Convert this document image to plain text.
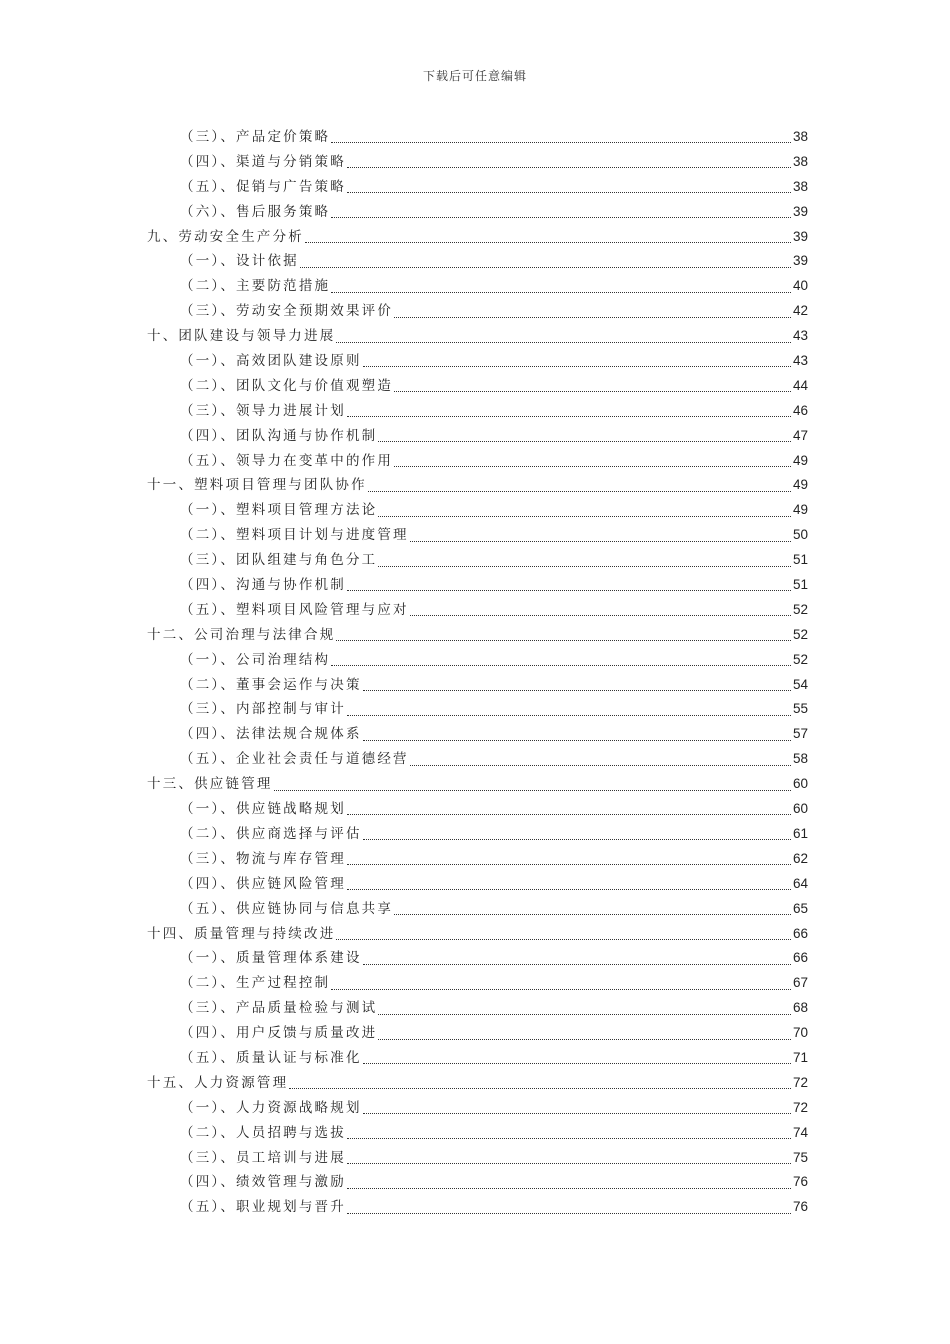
下载后可任意编辑
（三）、产品定价策略	38
（四）、渠道与分销策略	38
（五）、促销与广告策略	38
（六）、售后服务策略	39
九、劳动安全生产分析	39
（一）、设计依据	39
（二）、主要防范措施	40
（三）、劳动安全预期效果评价	42
十、团队建设与领导力进展	43
（一）、高效团队建设原则	43
（二）、团队文化与价值观塑造	44
（三）、领导力进展计划	46
（四）、团队沟通与协作机制	47
（五）、领导力在变革中的作用	49
十一、塑料项目管理与团队协作	49
（一）、塑料项目管理方法论	49
（二）、塑料项目计划与进度管理	50
（三）、团队组建与角色分工	51
（四）、沟通与协作机制	51
（五）、塑料项目风险管理与应对	52
十二、公司治理与法律合规	52
（一）、公司治理结构	52
（二）、董事会运作与决策	54
（三）、内部控制与审计	55
（四）、法律法规合规体系	57
（五）、企业社会责任与道德经营	58
十三、供应链管理	60
（一）、供应链战略规划	60
（二）、供应商选择与评估	61
（三）、物流与库存管理	62
（四）、供应链风险管理	64
（五）、供应链协同与信息共享	65
十四、质量管理与持续改进	66
（一）、质量管理体系建设	66
（二）、生产过程控制	67
（三）、产品质量检验与测试	68
（四）、用户反馈与质量改进	70
（五）、质量认证与标准化	71
十五、人力资源管理	72
（一）、人力资源战略规划	72
（二）、人员招聘与选拔	74
（三）、员工培训与进展	75
（四）、绩效管理与激励	76
（五）、职业规划与晋升	76
